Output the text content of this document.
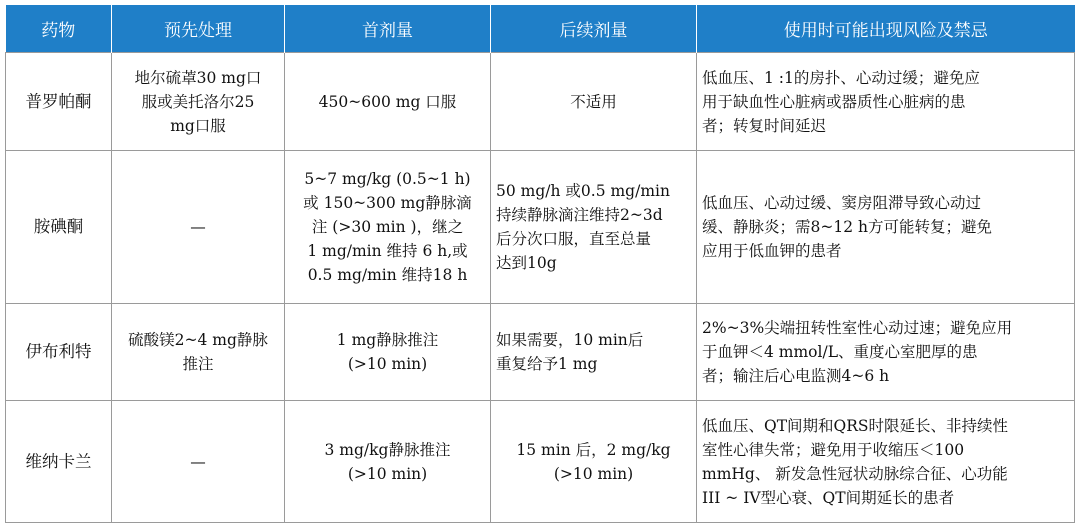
药物	预先处理	首剂量	后续剂量	使用时可能出现风险及禁忌
普罗帕酮	地尔硫䓬30 mg口
服或美托洛尔25
mg口服	450~600 mg 口服	不适用	低血压、1 :1的房扑、心动过缓；避免应
用于缺血性心脏病或器质性心脏病的患
者；转复时间延迟

胺碘酮	—	5~7 mg/kg (0.5~1 h)
或 150~300 mg静脉滴
注 (>30 min )，继之
1 mg/min 维持 6 h,或
0.5 mg/min 维持18 h	50 mg/h 或0.5 mg/min
持续静脉滴注维持2~3d
后分次口服，直至总量
达到10g	低血压、心动过缓、窦房阻滞导致心动过
缓、静脉炎；需8~12 h方可能转复；避免
应用于低血钾的患者

伊布利特	硫酸镁2~4 mg静脉
推注	1 mg静脉推注
(>10 min)	如果需要，10 min后
重复给予1 mg	2%~3%尖端扭转性室性心动过速；避免应用
于血钾＜4 mmol/L、重度心室肥厚的患
者；输注后心电监测4~6 h

维纳卡兰	—	3 mg/kg静脉推注
(>10 min)	15 min 后，2 mg/kg
(>10 min)	低血压、QT间期和QRS时限延长、非持续性
室性心律失常；避免用于收缩压＜100
mmHg、 新发急性冠状动脉综合征、心功能
III ~ IV型心衰、QT间期延长的患者
